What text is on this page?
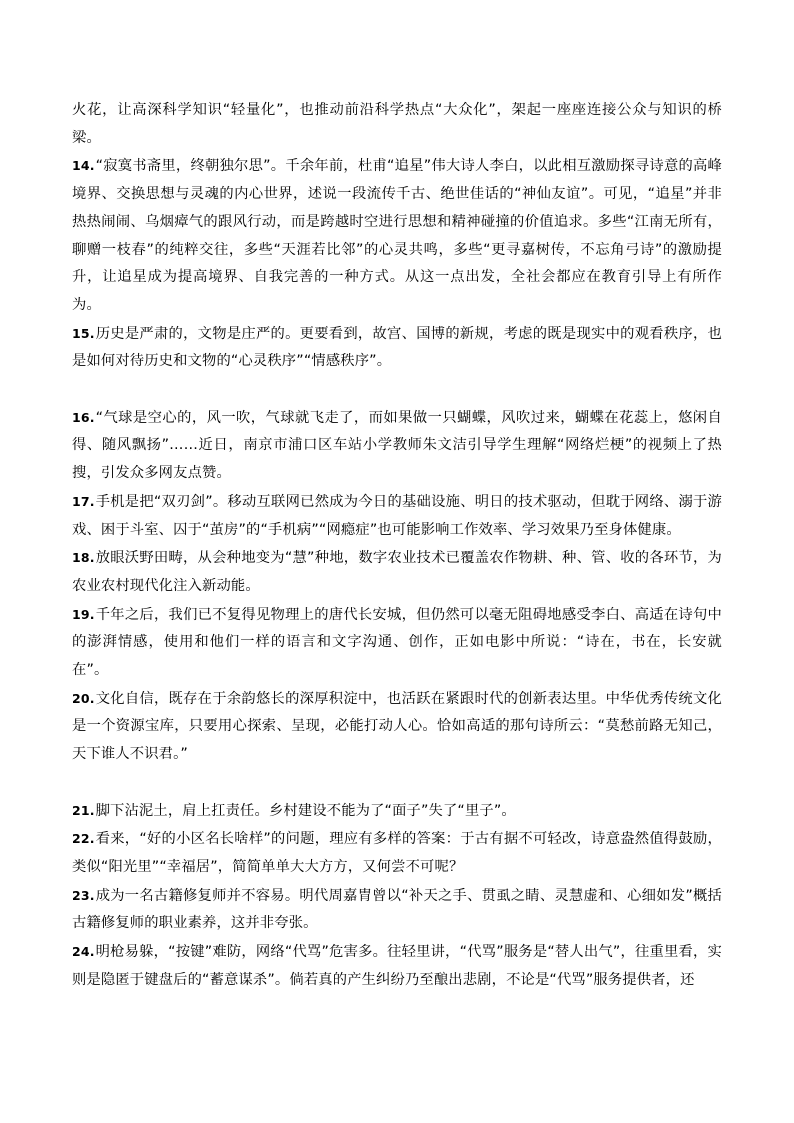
火花，让高深科学知识“轻量化”，也推动前沿科学热点“大众化”，架起一座座连接公众与知识的桥梁。

14.“寂寞书斋里，终朝独尔思”。千余年前，杜甫“追星”伟大诗人李白，以此相互激励探寻诗意的高峰境界、交换思想与灵魂的内心世界，述说一段流传千古、绝世佳话的“神仙友谊”。可见，“追星”并非热热闹闹、乌烟瘴气的跟风行动，而是跨越时空进行思想和精神碰撞的价值追求。多些“江南无所有，聊赠一枝春”的纯粹交往，多些“天涯若比邻”的心灵共鸣，多些“更寻嘉树传，不忘角弓诗”的激励提升，让追星成为提高境界、自我完善的一种方式。从这一点出发，全社会都应在教育引导上有所作为。

15.历史是严肃的，文物是庄严的。更要看到，故宫、国博的新规，考虑的既是现实中的观看秩序，也是如何对待历史和文物的“心灵秩序”“情感秩序”。

16.“气球是空心的，风一吹，气球就飞走了，而如果做一只蝴蝶，风吹过来，蝴蝶在花蕊上，悠闲自得、随风飘扬”……近日，南京市浦口区车站小学教师朱文洁引导学生理解“网络烂梗”的视频上了热搜，引发众多网友点赞。

17.手机是把“双刃剑”。移动互联网已然成为今日的基础设施、明日的技术驱动，但耽于网络、溺于游戏、困于斗室、囚于“茧房”的“手机病”“网瘾症”也可能影响工作效率、学习效果乃至身体健康。

18.放眼沃野田畴，从会种地变为“慧”种地，数字农业技术已覆盖农作物耕、种、管、收的各环节，为农业农村现代化注入新动能。

19.千年之后，我们已不复得见物理上的唐代长安城，但仍然可以毫无阻碍地感受李白、高适在诗句中的澎湃情感，使用和他们一样的语言和文字沟通、创作，正如电影中所说：“诗在，书在，长安就在”。

20.文化自信，既存在于余韵悠长的深厚积淀中，也活跃在紧跟时代的创新表达里。中华优秀传统文化是一个资源宝库，只要用心探索、呈现，必能打动人心。恰如高适的那句诗所云：“莫愁前路无知己，天下谁人不识君。”

21.脚下沾泥土，肩上扛责任。乡村建设不能为了“面子”失了“里子”。

22.看来，“好的小区名长啥样”的问题，理应有多样的答案：于古有据不可轻改，诗意盎然值得鼓励，类似“阳光里”“幸福居”，简简单单大大方方，又何尝不可呢？

23.成为一名古籍修复师并不容易。明代周嘉胄曾以“补天之手、贯虱之睛、灵慧虚和、心细如发”概括古籍修复师的职业素养，这并非夸张。

24.明枪易躲，“按键”难防，网络“代骂”危害多。往轻里讲，“代骂”服务是“替人出气”，往重里看，实则是隐匿于键盘后的“蓄意谋杀”。倘若真的产生纠纷乃至酿出悲剧，不论是“代骂”服务提供者，还
